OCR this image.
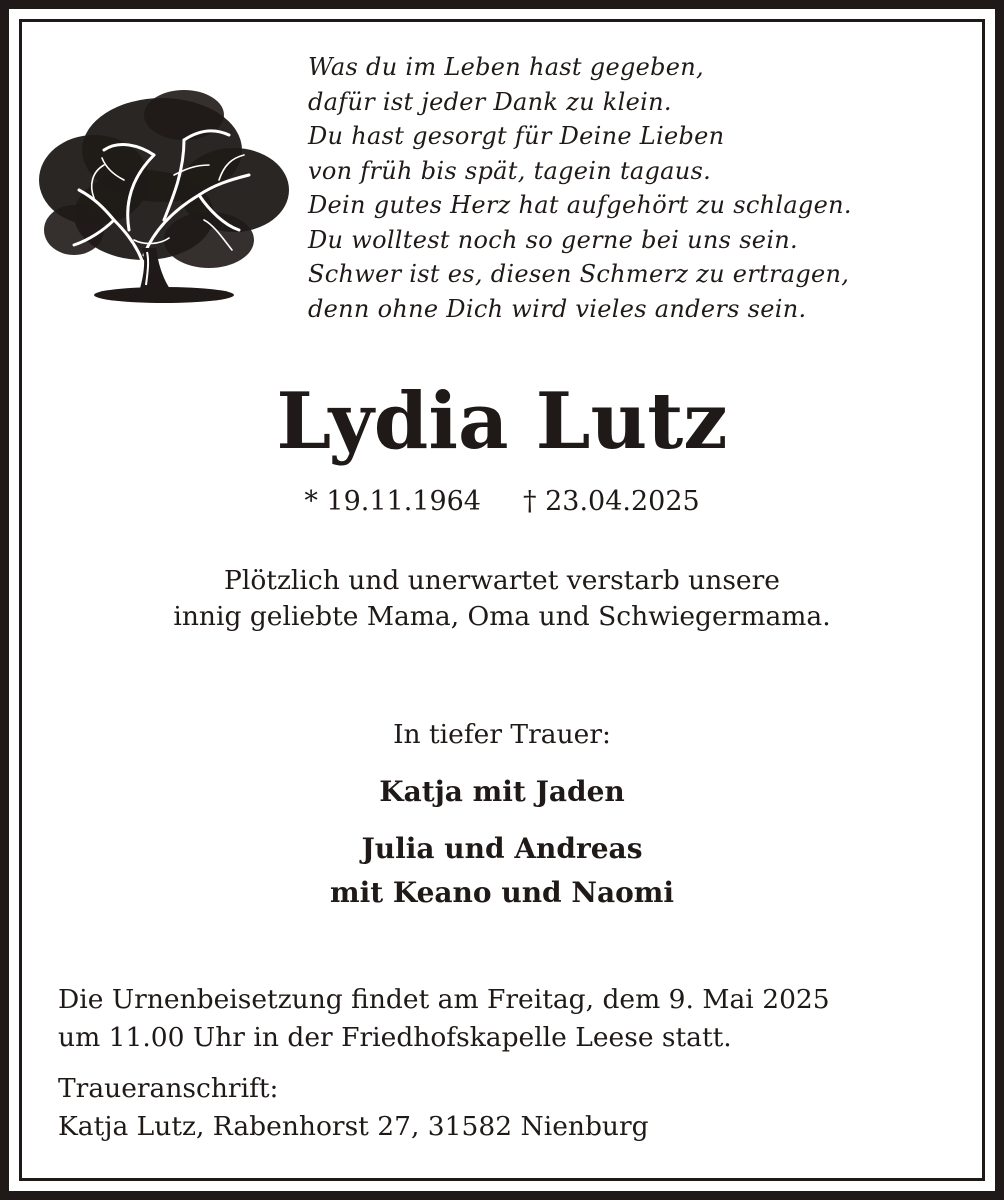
Was du im Leben hast gegeben,
dafür ist jeder Dank zu klein.
Du hast gesorgt für Deine Lieben
von früh bis spät, tagein tagaus.
Dein gutes Herz hat aufgehört zu schlagen.
Du wolltest noch so gerne bei uns sein.
Schwer ist es, diesen Schmerz zu ertragen,
denn ohne Dich wird vieles anders sein.
Lydia Lutz
* 19.11.1964 † 23.04.2025
Plötzlich und unerwartet verstarb unsere
innig geliebte Mama, Oma und Schwiegermama.
In tiefer Trauer:
Katja mit Jaden
Julia und Andreas
mit Keano und Naomi
Die Urnenbeisetzung findet am Freitag, dem 9. Mai 2025
um 11.00 Uhr in der Friedhofskapelle Leese statt.
Traueranschrift:
Katja Lutz, Rabenhorst 27, 31582 Nienburg
